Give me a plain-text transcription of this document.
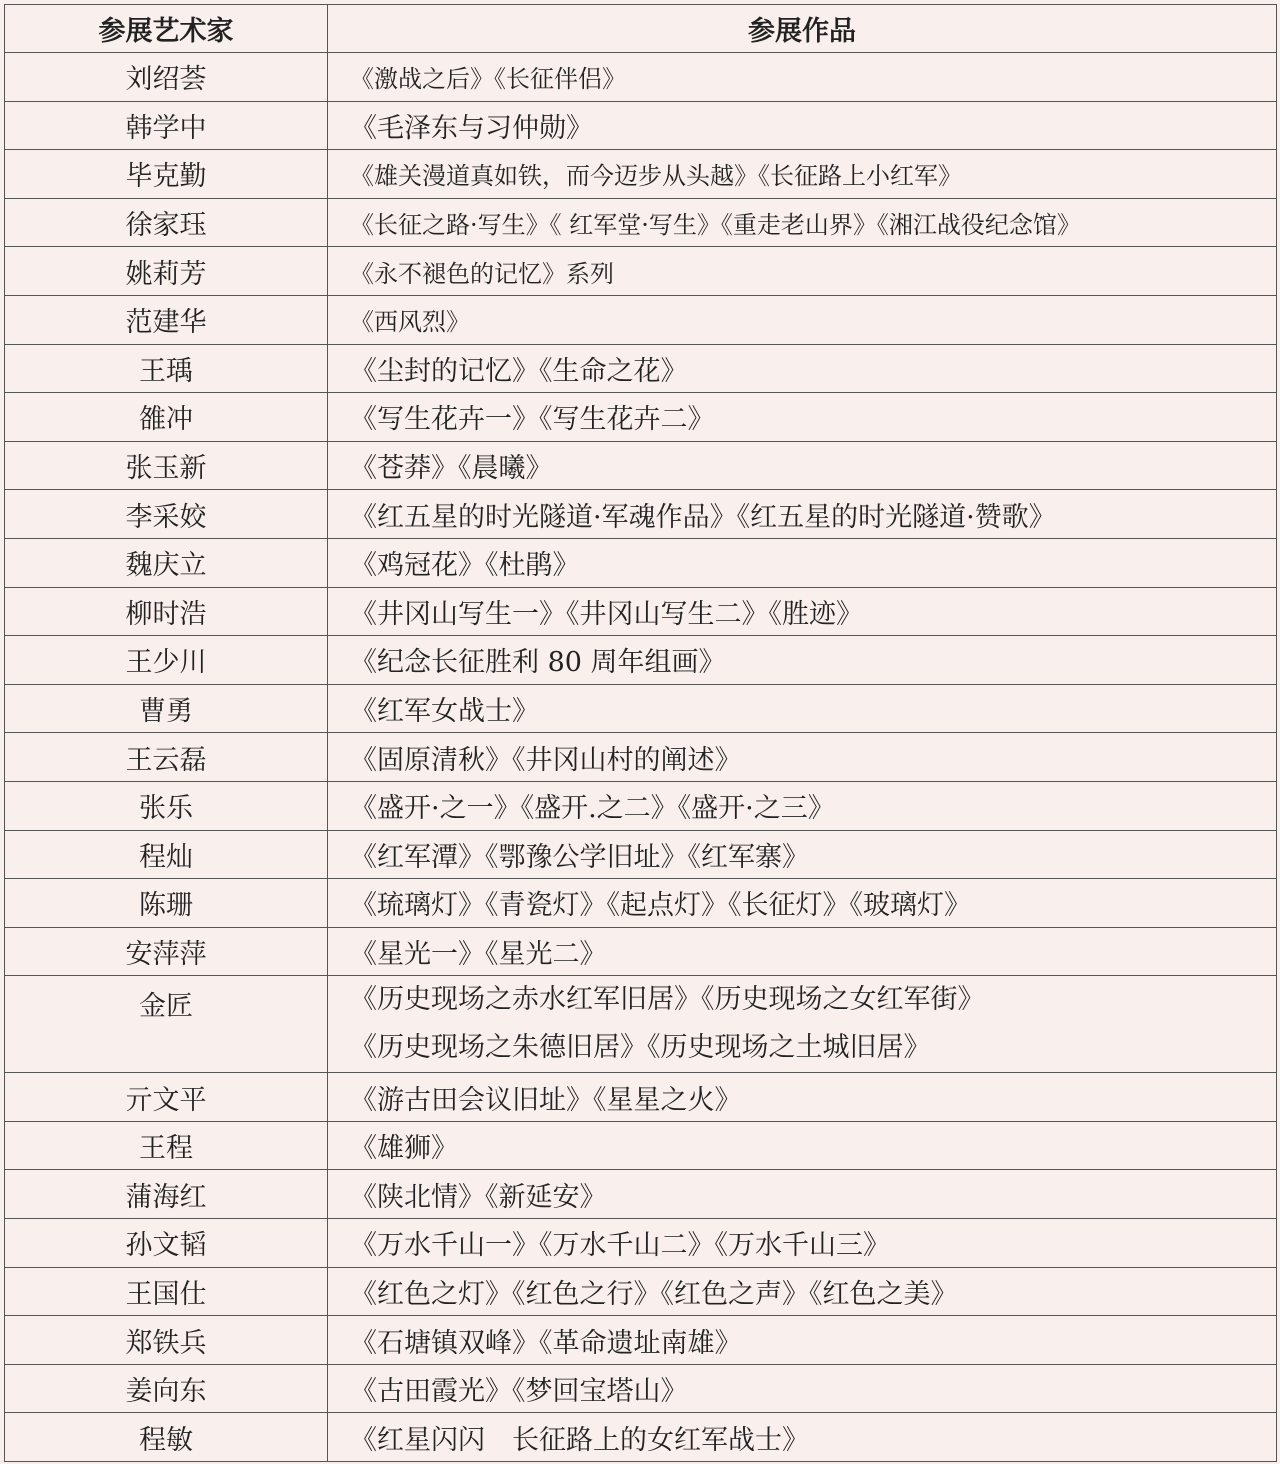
参展艺术家	参展作品
刘绍荟	《激战之后》《长征伴侣》
韩学中	《毛泽东与习仲勋》
毕克勤	《雄关漫道真如铁，而今迈步从头越》《长征路上小红军》
徐家珏	《长征之路·写生》《 红军堂·写生》《重走老山界》《湘江战役纪念馆》
姚莉芳	《永不褪色的记忆》系列
范建华	《西风烈》
王瑀	《尘封的记忆》《生命之花》
雒冲	《写生花卉一》《写生花卉二》
张玉新	《苍莽》《晨曦》
李采姣	《红五星的时光隧道·军魂作品》《红五星的时光隧道·赞歌》
魏庆立	《鸡冠花》《杜鹃》
柳时浩	《井冈山写生一》《井冈山写生二》《胜迹》
王少川	《纪念长征胜利 80 周年组画》
曹勇	《红军女战士》
王云磊	《固原清秋》《井冈山村的阐述》
张乐	《盛开·之一》《盛开.之二》《盛开·之三》
程灿	《红军潭》《鄂豫公学旧址》《红军寨》
陈珊	《琉璃灯》《青瓷灯》《起点灯》《长征灯》《玻璃灯》
安萍萍	《星光一》《星光二》
金匠	《历史现场之赤水红军旧居》《历史现场之女红军街》
《历史现场之朱德旧居》《历史现场之土城旧居》

亓文平	《游古田会议旧址》《星星之火》
王程	《雄狮》
蒲海红	《陕北情》《新延安》
孙文韬	《万水千山一》《万水千山二》《万水千山三》
王国仕	《红色之灯》《红色之行》《红色之声》《红色之美》
郑铁兵	《石塘镇双峰》《革命遗址南雄》
姜向东	《古田霞光》《梦回宝塔山》
程敏	《红星闪闪　长征路上的女红军战士》
